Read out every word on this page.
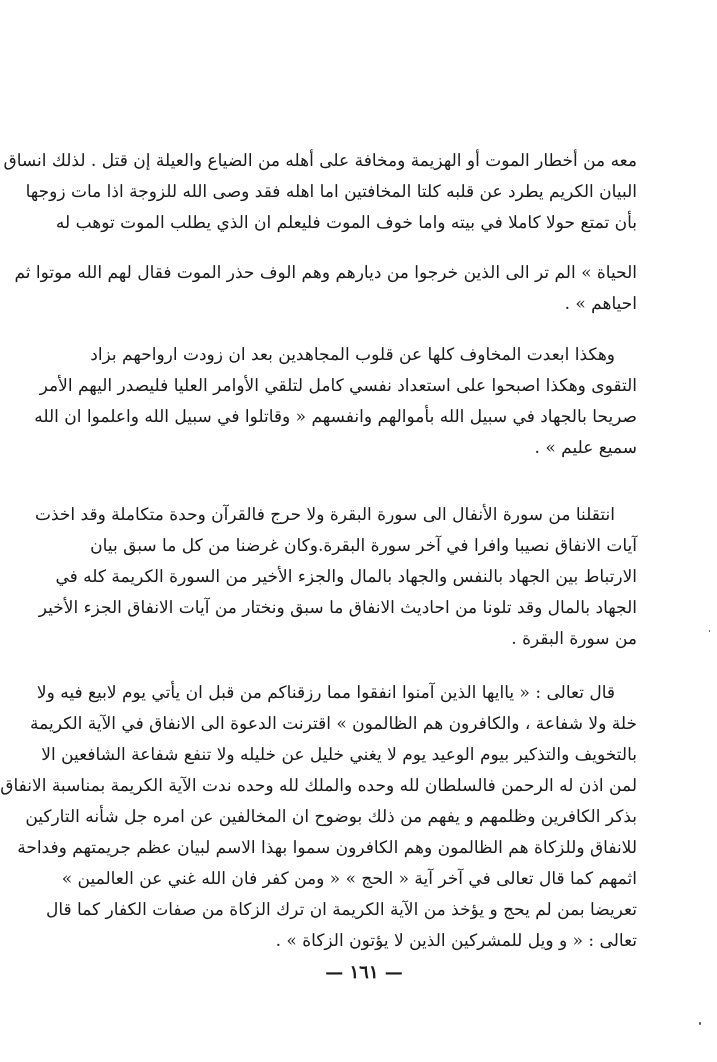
معه من أخطار الموت أو الهزيمة ومخافة على أهله من الضياع والعيلة إن قتل . لذلك انساق
البيان الكريم يطرد عن قلبه كلتا المخافتين اما اهله فقد وصى الله للزوجة اذا مات زوجها
بأن تمتع حولا كاملا في بيته واما خوف الموت فليعلم ان الذي يطلب الموت توهب له
الحياة » الم تر الى الذين خرجوا من ديارهم وهم الوف حذر الموت فقال لهم الله موتوا ثم
احياهم » .
وهكذا ابعدت المخاوف كلها عن قلوب المجاهدين بعد ان زودت ارواحهم بزاد
التقوى وهكذا اصبحوا على استعداد نفسي كامل لتلقي الأوامر العليا فليصدر اليهم الأمر
صريحا بالجهاد في سبيل الله بأموالهم وانفسهم « وقاتلوا في سبيل الله واعلموا ان الله
سميع عليم » .
انتقلنا من سورة الأنفال الى سورة البقرة ولا حرج فالقرآن وحدة متكاملة وقد اخذت
آيات الانفاق نصيبا وافرا في آخر سورة البقرة.وكان غرضنا من كل ما سبق بيان
الارتباط بين الجهاد بالنفس والجهاد بالمال والجزء الأخير من السورة الكريمة كله في
الجهاد بالمال وقد تلونا من احاديث الانفاق ما سبق ونختار من آيات الانفاق الجزء الأخير
من سورة البقرة .
قال تعالى : « ياايها الذين آمنوا انفقوا مما رزقناكم من قبل ان يأتي يوم لابيع فيه ولا
خلة ولا شفاعة ، والكافرون هم الظالمون » اقترنت الدعوة الى الانفاق في الآية الكريمة
بالتخويف والتذكير بيوم الوعيد يوم لا يغني خليل عن خليله ولا تنفع شفاعة الشافعين الا
لمن اذن له الرحمن فالسلطان لله وحده والملك لله وحده ندت الآية الكريمة بمناسبة الانفاق
بذكر الكافرين وظلمهم و يفهم من ذلك بوضوح ان المخالفين عن امره جل شأنه التاركين
للانفاق وللزكاة هم الظالمون وهم الكافرون سموا بهذا الاسم لبيان عظم جريمتهم وفداحة
اثمهم كما قال تعالى في آخر آية « الحج » « ومن كفر فان الله غني عن العالمين »
تعريضا بمن لم يحج و يؤخذ من الآية الكريمة ان ترك الزكاة من صفات الكفار كما قال
تعالى : « و ويل للمشركين الذين لا يؤتون الزكاة » .
— ١٦١ —
